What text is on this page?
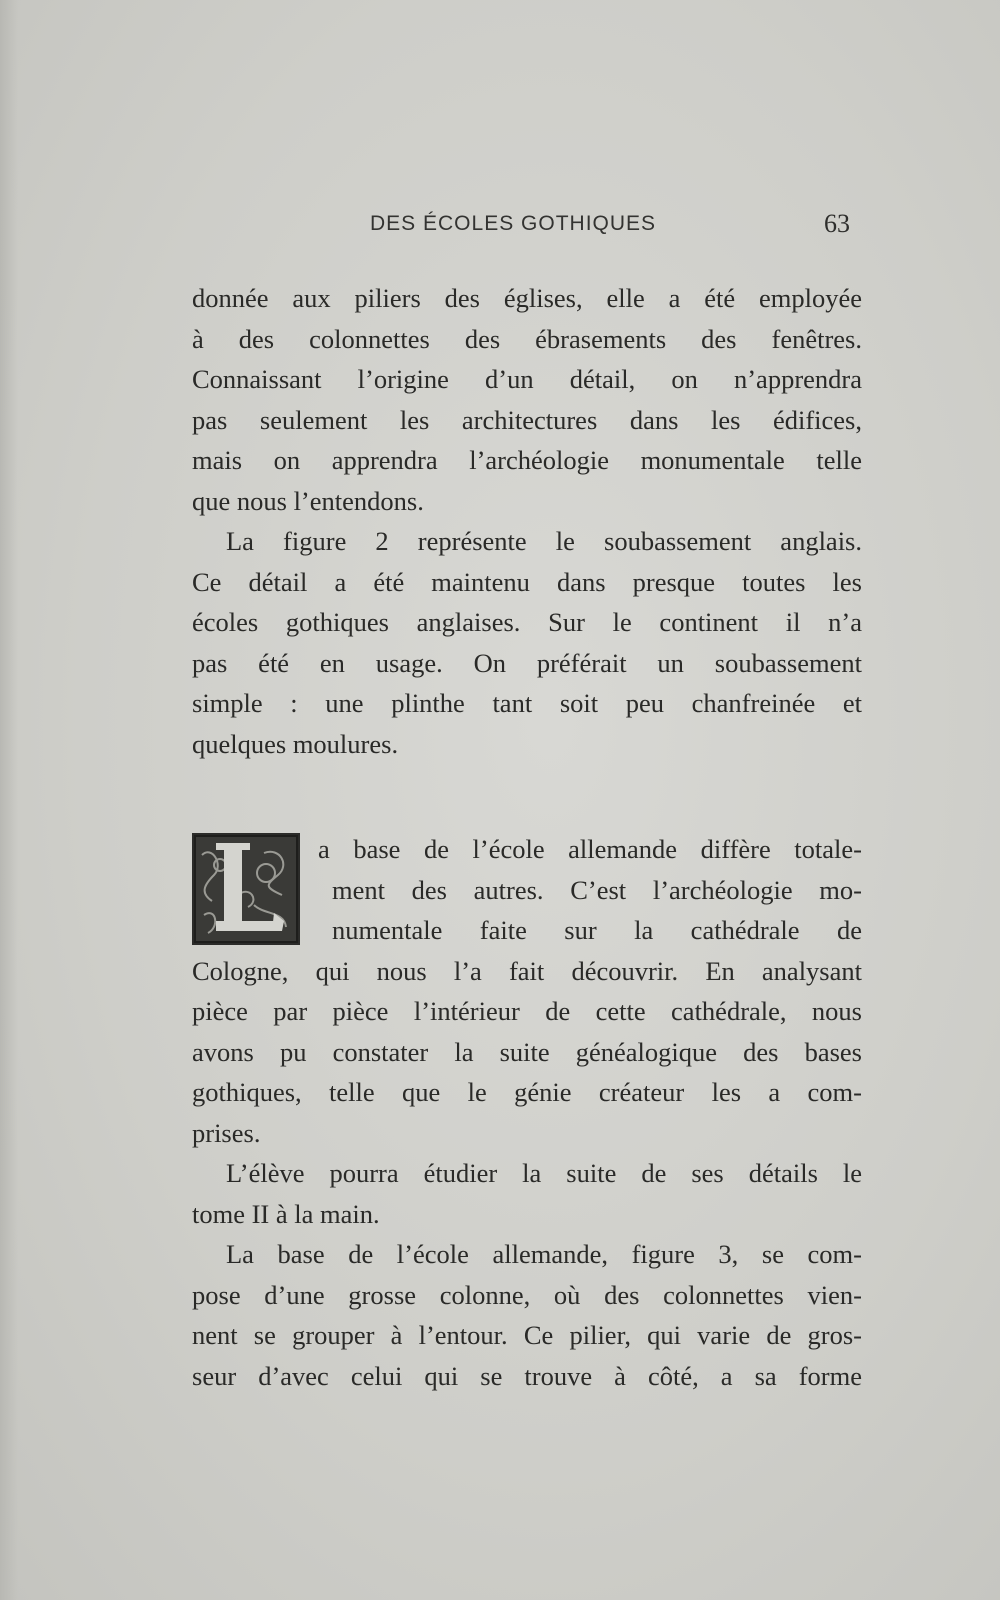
DES ÉCOLES GOTHIQUES	63
donnée aux piliers des églises, elle a été employée
à des colonnettes des ébrasements des fenêtres.
Connaissant l’origine d’un détail, on n’apprendra
pas seulement les architectures dans les édifices,
mais on apprendra l’archéologie monumentale telle
que nous l’entendons.
La figure 2 représente le soubassement anglais.
Ce détail a été maintenu dans presque toutes les
écoles gothiques anglaises. Sur le continent il n’a
pas été en usage. On préférait un soubassement
simple : une plinthe tant soit peu chanfreinée et
quelques moulures.
a base de l’école allemande diffère totale-
ment des autres. C’est l’archéologie mo-
numentale faite sur la cathédrale de
Cologne, qui nous l’a fait découvrir. En analysant
pièce par pièce l’intérieur de cette cathédrale, nous
avons pu constater la suite généalogique des bases
gothiques, telle que le génie créateur les a com-
prises.
L’élève pourra étudier la suite de ses détails le
tome II à la main.
La base de l’école allemande, figure 3, se com-
pose d’une grosse colonne, où des colonnettes vien-
nent se grouper à l’entour. Ce pilier, qui varie de gros-
seur d’avec celui qui se trouve à côté, a sa forme
